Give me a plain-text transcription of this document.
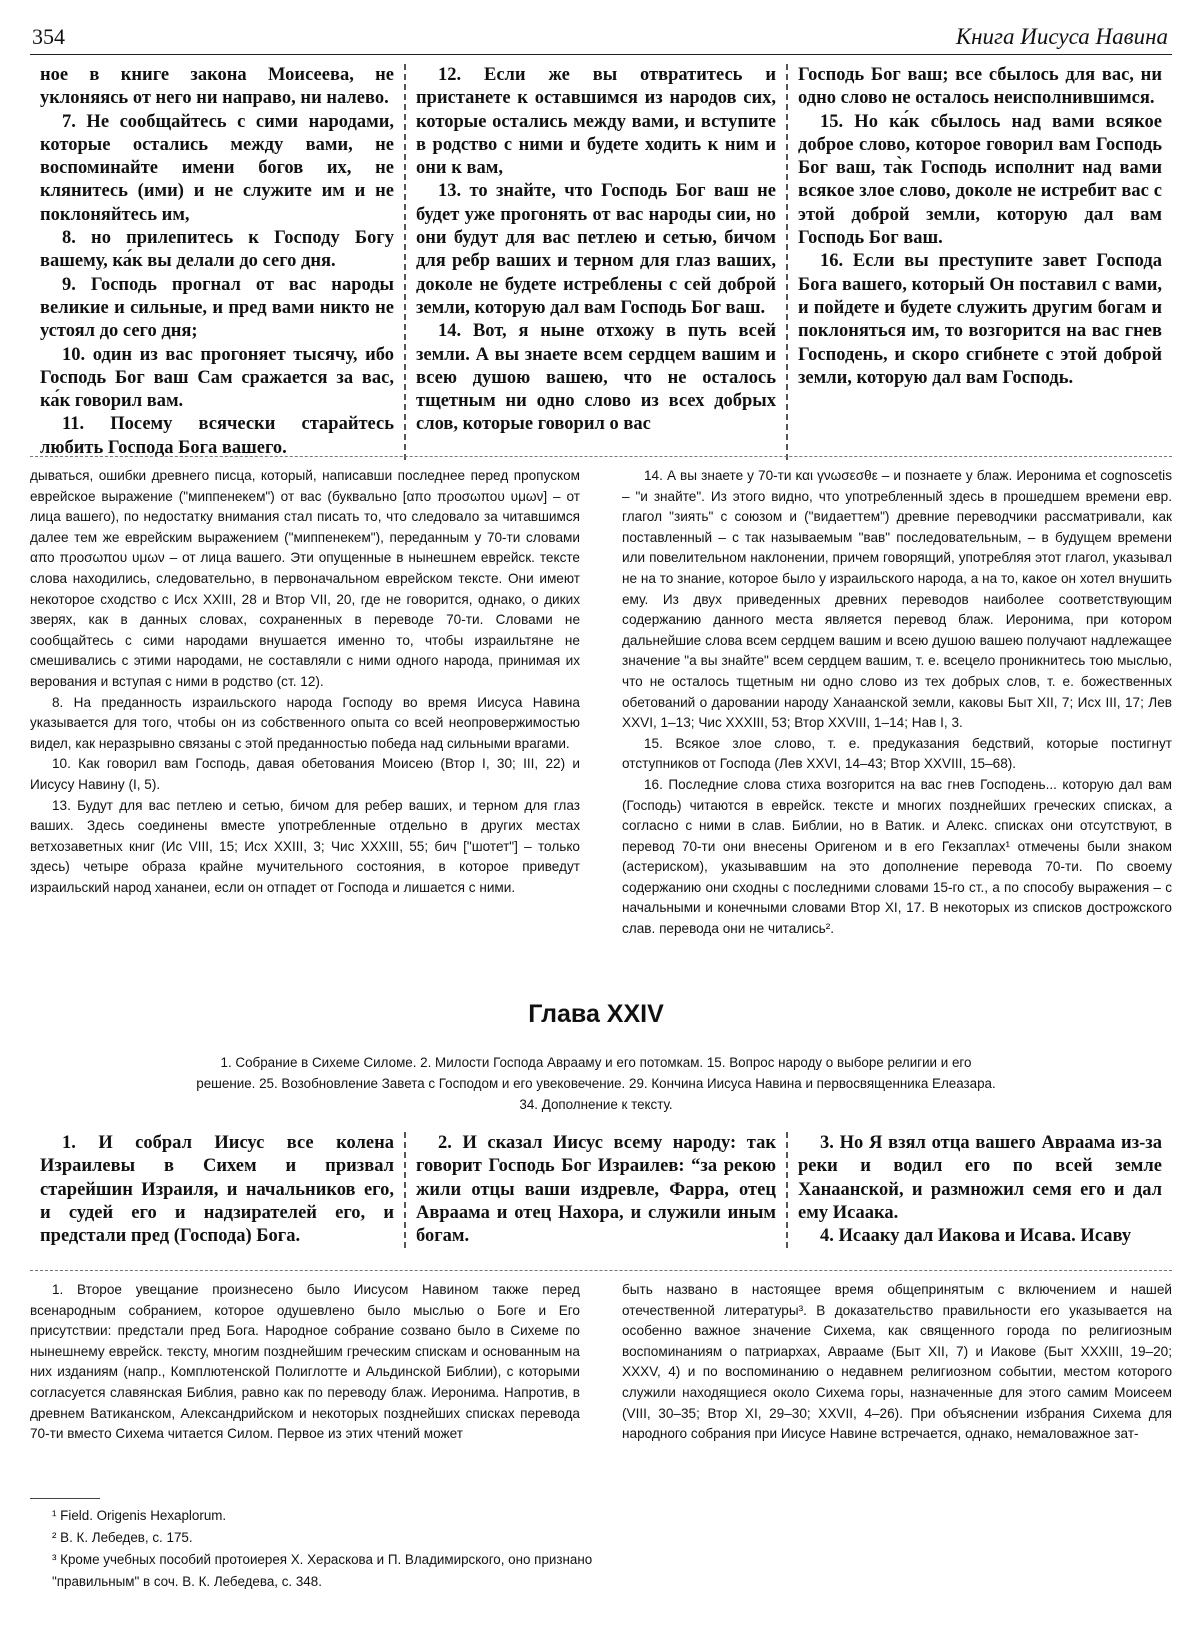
354	Книга Иисуса Навина

ное в книге закона Моисеева, не уклоняясь от него ни направо, ни налево.

7. Не сообщайтесь с сими народами, которые остались между вами, не воспоминайте имени богов их, не клянитесь (ими) и не служите им и не поклоняйтесь им,

8. но прилепитесь к Господу Богу вашему, ка́к вы делали до сего дня.

9. Господь прогнал от вас народы великие и сильные, и пред вами никто не устоял до сего дня;

10. один из вас прогоняет тысячу, ибо Господь Бог ваш Сам сражается за вас, ка́к говорил вам.

11. Посему всячески старайтесь любить Господа Бога вашего.

12. Если же вы отвратитесь и пристанете к оставшимся из народов сих, которые остались между вами, и вступите в родство с ними и будете ходить к ним и они к вам,

13. то знайте, что Господь Бог ваш не будет уже прогонять от вас народы сии, но они будут для вас петлею и сетью, бичом для ребр ваших и терном для глаз ваших, доколе не будете истреблены с сей доброй земли, которую дал вам Господь Бог ваш.

14. Вот, я ныне отхожу в путь всей земли. А вы знаете всем сердцем вашим и всею душою вашею, что не осталось тщетным ни одно слово из всех добрых слов, которые говорил о вас

Господь Бог ваш; все сбылось для вас, ни одно слово не осталось неисполнившимся.

15. Но ка́к сбылось над вами всякое доброе слово, которое говорил вам Господь Бог ваш, та̀к Господь исполнит над вами всякое злое слово, доколе не истребит вас с этой доброй земли, которую дал вам Господь Бог ваш.

16. Если вы преступите завет Господа Бога вашего, который Он поставил с вами, и пойдете и будете служить другим богам и поклоняться им, то возгорится на вас гнев Господень, и скоро сгибнете с этой доброй земли, которую дал вам Господь.

дываться, ошибки древнего писца, который, написавши последнее перед пропуском еврейское выражение ("миппенекем") от вас (буквально [απο προσωπου υμων] – от лица вашего), по недостатку внимания стал писать то, что следовало за читавшимся далее тем же еврейским выражением ("миппенекем"), переданным у 70-ти словами απο προσωπου υμων – от лица вашего. Эти опущенные в нынешнем еврейск. тексте слова находились, следовательно, в первоначальном еврейском тексте. Они имеют некоторое сходство с Исх XXIII, 28 и Втор VII, 20, где не говорится, однако, о диких зверях, как в данных словах, сохраненных в переводе 70-ти. Словами не сообщайтесь с сими народами внушается именно то, чтобы израильтяне не смешивались с этими народами, не составляли с ними одного народа, принимая их верования и вступая с ними в родство (ст. 12).

8. На преданность израильского народа Господу во время Иисуса Навина указывается для того, чтобы он из собственного опыта со всей неопровержимостью видел, как неразрывно связаны с этой преданностью победа над сильными врагами.

10. Как говорил вам Господь, давая обетования Моисею (Втор I, 30; III, 22) и Иисусу Навину (I, 5).

13. Будут для вас петлею и сетью, бичом для ребер ваших, и терном для глаз ваших. Здесь соединены вместе употребленные отдельно в других местах ветхозаветных книг (Ис VIII, 15; Исх XXIII, 3; Чис XXXIII, 55; бич ["шотет"] – только здесь) четыре образа крайне мучительного состояния, в которое приведут израильский народ хананеи, если он отпадет от Господа и лишается с ними.

14. А вы знаете у 70-ти και γνωσεσθε – и познаете у блаж. Иеронима et cognoscetis – "и знайте". Из этого видно, что употребленный здесь в прошедшем времени евр. глагол "зиять" с союзом и ("видаеттем") древние переводчики рассматривали, как поставленный – с так называемым "вав" последовательным, – в будущем времени или повелительном наклонении, причем говорящий, употребляя этот глагол, указывал не на то знание, которое было у израильского народа, а на то, какое он хотел внушить ему. Из двух приведенных древних переводов наиболее соответствующим содержанию данного места является перевод блаж. Иеронима, при котором дальнейшие слова всем сердцем вашим и всею душою вашею получают надлежащее значение "а вы знайте" всем сердцем вашим, т. е. всецело проникнитесь тою мыслью, что не осталось тщетным ни одно слово из тех добрых слов, т. е. божественных обетований о даровании народу Ханаанской земли, каковы Быт XII, 7; Исх III, 17; Лев XXVI, 1–13; Чис XXXIII, 53; Втор XXVIII, 1–14; Нав I, 3.

15. Всякое злое слово, т. е. предуказания бедствий, которые постигнут отступников от Господа (Лев XXVI, 14–43; Втор XXVIII, 15–68).

16. Последние слова стиха возгорится на вас гнев Господень... которую дал вам (Господь) читаются в еврейск. тексте и многих позднейших греческих списках, а согласно с ними в слав. Библии, но в Ватик. и Алекс. списках они отсутствуют, в перевод 70-ти они внесены Оригеном и в его Гекзаплах¹ отмечены были знаком (астериском), указывавшим на это дополнение перевода 70-ти. По своему содержанию они сходны с последними словами 15-го ст., а по способу выражения – с начальными и конечными словами Втор XI, 17. В некоторых из списков дострожского слав. перевода они не читались².

Глава XXIV
1. Собрание в Сихеме Силоме. 2. Милости Господа Аврааму и его потомкам. 15. Вопрос народу о выборе религии и его решение. 25. Возобновление Завета с Господом и его увековечение. 29. Кончина Иисуса Навина и первосвященника Елеазара. 34. Дополнение к тексту.

1. И собрал Иисус все колена Израилевы в Сихем и призвал старейшин Израиля, и начальников его, и судей его и надзирателей его, и предстали пред (Господа) Бога.

2. И сказал Иисус всему народу: так говорит Господь Бог Израилев: “за рекою жили отцы ваши издревле, Фарра, отец Авраама и отец Нахора, и служили иным богам.

3. Но Я взял отца вашего Авраама из-за реки и водил его по всей земле Ханаанской, и размножил семя его и дал ему Исаака.

4. Исааку дал Иакова и Исава. Исаву

1. Второе увещание произнесено было Иисусом Навином также перед всенародным собранием, которое одушевлено было мыслью о Боге и Его присутствии: предстали пред Бога. Народное собрание созвано было в Сихеме по нынешнему еврейск. тексту, многим позднейшим греческим спискам и основанным на них изданиям (напр., Комплютенской Полиглотте и Альдинской Библии), с которыми согласуется славянская Библия, равно как по переводу блаж. Иеронима. Напротив, в древнем Ватиканском, Александрийском и некоторых позднейших списках перевода 70-ти вместо Сихема читается Силом. Первое из этих чтений может

быть названо в настоящее время общепринятым с включением и нашей отечественной литературы³. В доказательство правильности его указывается на особенно важное значение Сихема, как священного города по религиозным воспоминаниям о патриархах, Аврааме (Быт XII, 7) и Иакове (Быт XXXIII, 19–20; XXXV, 4) и по воспоминанию о недавнем религиозном событии, местом которого служили находящиеся около Сихема горы, назначенные для этого самим Моисеем (VIII, 30–35; Втор XI, 29–30; XXVII, 4–26). При объяснении избрания Сихема для народного собрания при Иисусе Навине встречается, однако, немаловажное зат-

¹ Field. Origenis Hexaplorum.
² В. К. Лебедев, с. 175.
³ Кроме учебных пособий протоиерея Х. Херaскова и П. Владимирского, оно признано "правильным" в соч. В. К. Лебедева, с. 348.
